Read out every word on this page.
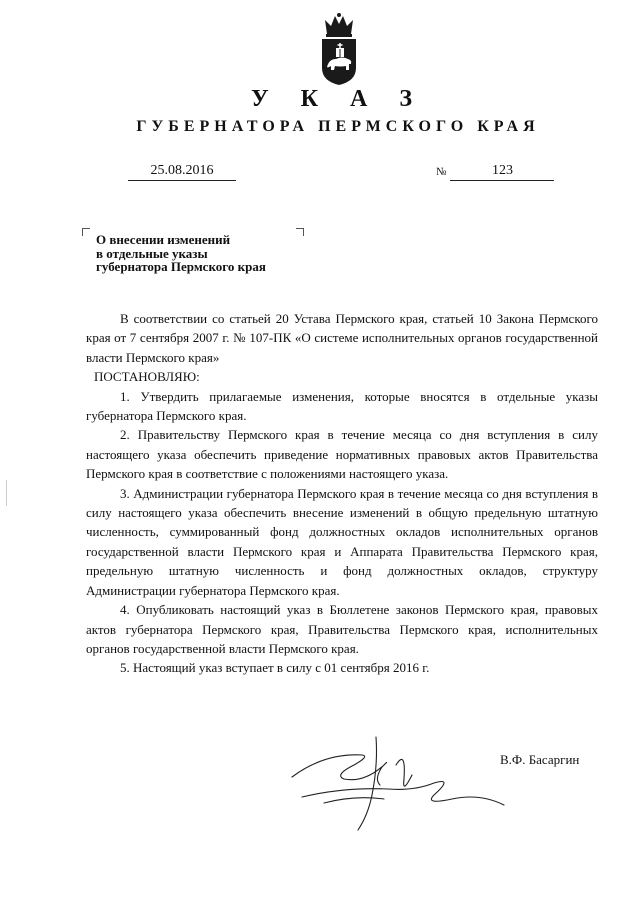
У К А З
ГУБЕРНАТОРА ПЕРМСКОГО КРАЯ
25.08.2016	№	123
О внесении изменений
в отдельные указы
губернатора Пермского края

В соответствии со статьей 20 Устава Пермского края, статьей 10 Закона Пермского края от 7 сентября 2007 г. № 107-ПК «О системе исполнительных органов государственной власти Пермского края»

ПОСТАНОВЛЯЮ:

1. Утвердить прилагаемые изменения, которые вносятся в отдельные указы губернатора Пермского края.

2. Правительству Пермского края в течение месяца со дня вступления в силу настоящего указа обеспечить приведение нормативных правовых актов Правительства Пермского края в соответствие с положениями настоящего указа.

3. Администрации губернатора Пермского края в течение месяца со дня вступления в силу настоящего указа обеспечить внесение изменений в общую предельную штатную численность, суммированный фонд должностных окладов исполнительных органов государственной власти Пермского края и Аппарата Правительства Пермского края, предельную штатную численность и фонд должностных окладов, структуру Администрации губернатора Пермского края.

4. Опубликовать настоящий указ в Бюллетене законов Пермского края, правовых актов губернатора Пермского края, Правительства Пермского края, исполнительных органов государственной власти Пермского края.

5. Настоящий указ вступает в силу с 01 сентября 2016 г.

В.Ф. Басаргин
